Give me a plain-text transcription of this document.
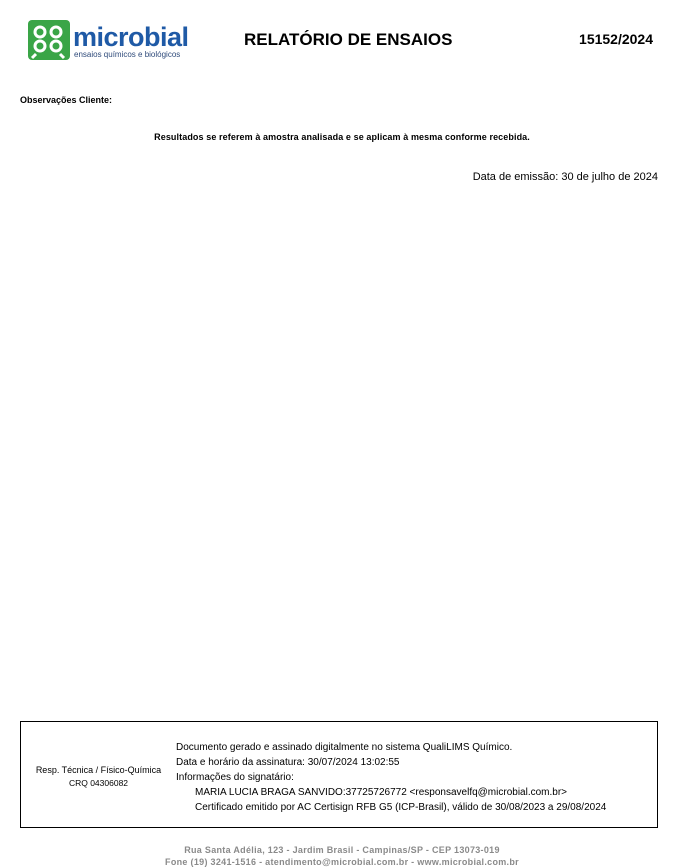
microbial
ensaios químicos e biológicos
RELATÓRIO DE ENSAIOS	15152/2024
Observações Cliente:
Resultados se referem à amostra analisada e se aplicam à mesma conforme recebida.
Data de emissão: 30 de julho de 2024
Resp. Técnica / Físico-Química
CRQ 04306082
Documento gerado e assinado digitalmente no sistema QualiLIMS Químico.
Data e horário da assinatura: 30/07/2024 13:02:55
Informações do signatário:
MARIA LUCIA BRAGA SANVIDO:37725726772 <responsavelfq@microbial.com.br>
Certificado emitido por AC Certisign RFB G5 (ICP-Brasil), válido de 30/08/2023 a 29/08/2024
Rua Santa Adélia, 123 - Jardim Brasil - Campinas/SP - CEP 13073-019
Fone (19) 3241-1516 - atendimento@microbial.com.br - www.microbial.com.br
